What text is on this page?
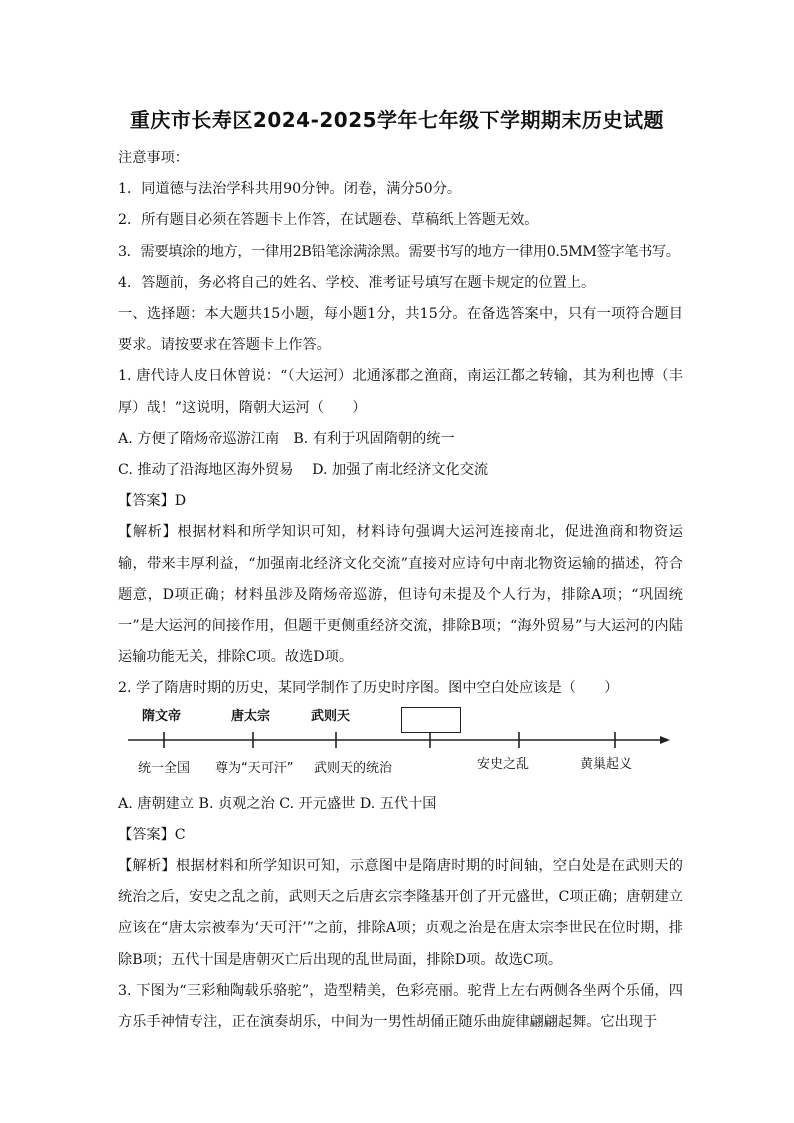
重庆市长寿区2024-2025学年七年级下学期期末历史试题

注意事项：

1．同道德与法治学科共用90分钟。闭卷，满分50分。

2．所有题目必须在答题卡上作答，在试题卷、草稿纸上答题无效。

3．需要填涂的地方，一律用2B铅笔涂满涂黑。需要书写的地方一律用0.5MM签字笔书写。

4．答题前，务必将自己的姓名、学校、准考证号填写在题卡规定的位置上。

一、选择题：本大题共15小题，每小题1分，共15分。在备选答案中，只有一项符合题目要求。请按要求在答题卡上作答。

1. 唐代诗人皮日休曾说：“（大运河）北通涿郡之渔商，南运江都之转输，其为利也博（丰厚）哉！”这说明，隋朝大运河（　　）

A. 方便了隋炀帝巡游江南　B. 有利于巩固隋朝的统一

C. 推动了沿海地区海外贸易　 D. 加强了南北经济文化交流

【答案】D

【解析】根据材料和所学知识可知，材料诗句强调大运河连接南北，促进渔商和物资运输，带来丰厚利益，“加强南北经济文化交流”直接对应诗句中南北物资运输的描述，符合题意，D项正确；材料虽涉及隋炀帝巡游，但诗句未提及个人行为，排除A项；“巩固统一”是大运河的间接作用，但题干更侧重经济交流，排除B项；“海外贸易”与大运河的内陆运输功能无关，排除C项。故选D项。

2. 学了隋唐时期的历史，某同学制作了历史时序图。图中空白处应该是（　　）

隋文帝	唐太宗	武则天
统一全国 尊为“天可汗” 武则天的统治	安史之乱	黄巢起义

A. 唐朝建立 B. 贞观之治 C. 开元盛世 D. 五代十国

【答案】C

【解析】根据材料和所学知识可知，示意图中是隋唐时期的时间轴，空白处是在武则天的统治之后，安史之乱之前，武则天之后唐玄宗李隆基开创了开元盛世，C项正确；唐朝建立应该在“唐太宗被奉为‘天可汗’”之前，排除A项；贞观之治是在唐太宗李世民在位时期，排除B项；五代十国是唐朝灭亡后出现的乱世局面，排除D项。故选C项。

3. 下图为“三彩釉陶载乐骆驼”，造型精美，色彩亮丽。驼背上左右两侧各坐两个乐俑，四方乐手神情专注，正在演奏胡乐，中间为一男性胡俑正随乐曲旋律翩翩起舞。它出现于
